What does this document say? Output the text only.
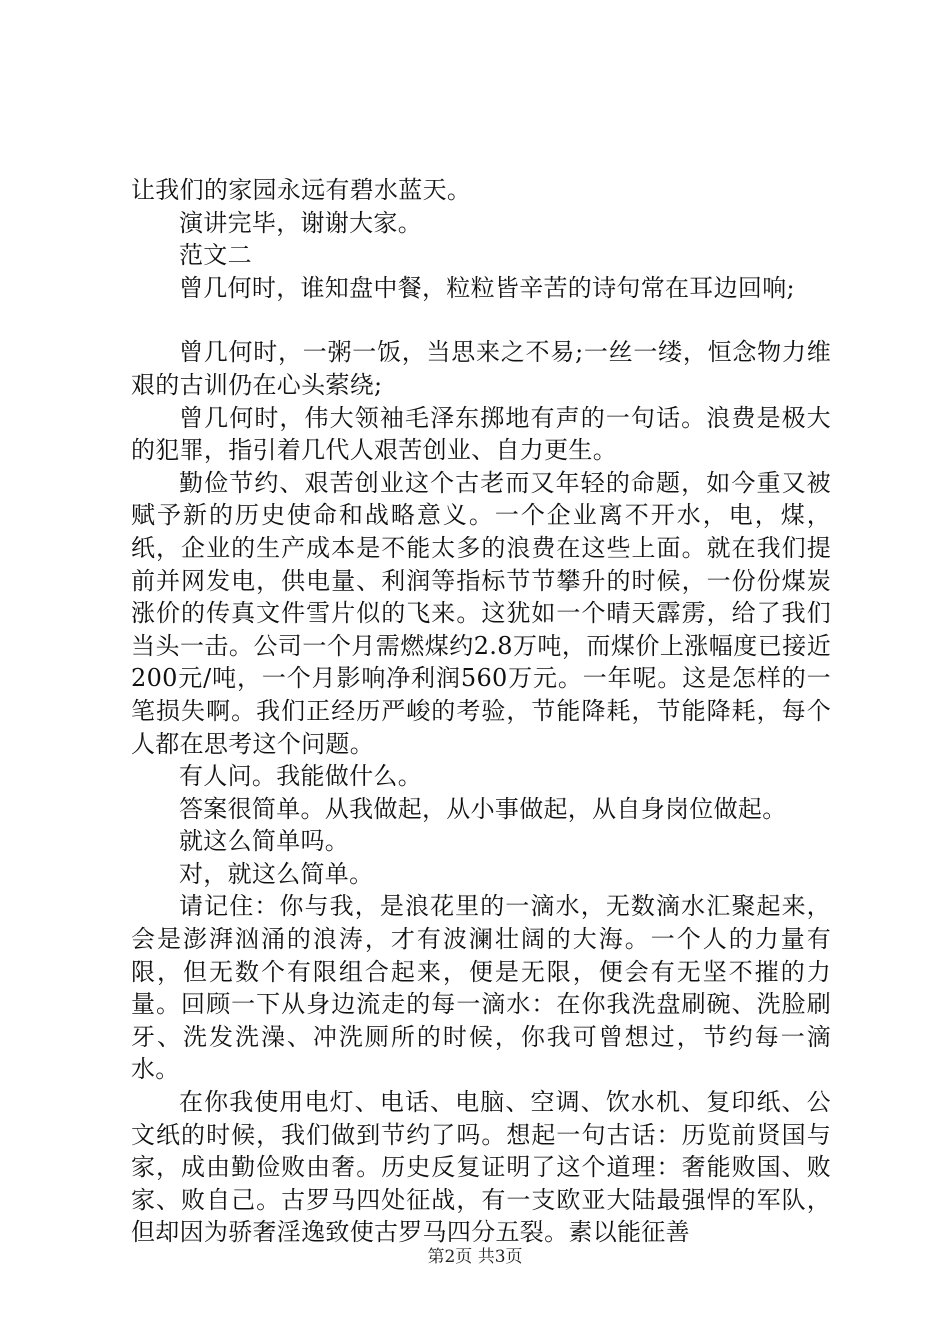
让我们的家园永远有碧水蓝天。

演讲完毕，谢谢大家。

范文二

曾几何时，谁知盘中餐，粒粒皆辛苦的诗句常在耳边回响;

曾几何时，一粥一饭，当思来之不易;一丝一缕，恒念物力维艰的古训仍在心头萦绕;

曾几何时，伟大领袖毛泽东掷地有声的一句话。浪费是极大的犯罪，指引着几代人艰苦创业、自力更生。

勤俭节约、艰苦创业这个古老而又年轻的命题，如今重又被赋予新的历史使命和战略意义。一个企业离不开水，电，煤，纸，企业的生产成本是不能太多的浪费在这些上面。就在我们提前并网发电，供电量、利润等指标节节攀升的时候，一份份煤炭涨价的传真文件雪片似的飞来。这犹如一个晴天霹雳，给了我们当头一击。公司一个月需燃煤约2.8万吨，而煤价上涨幅度已接近200元/吨，一个月影响净利润560万元。一年呢。这是怎样的一笔损失啊。我们正经历严峻的考验，节能降耗，节能降耗，每个人都在思考这个问题。

有人问。我能做什么。

答案很简单。从我做起，从小事做起，从自身岗位做起。

就这么简单吗。

对，就这么简单。

请记住：你与我，是浪花里的一滴水，无数滴水汇聚起来，会是澎湃汹涌的浪涛，才有波澜壮阔的大海。一个人的力量有限，但无数个有限组合起来，便是无限，便会有无坚不摧的力量。回顾一下从身边流走的每一滴水：在你我洗盘刷碗、洗脸刷牙、洗发洗澡、冲洗厕所的时候，你我可曾想过，节约每一滴水。

在你我使用电灯、电话、电脑、空调、饮水机、复印纸、公文纸的时候，我们做到节约了吗。想起一句古话：历览前贤国与家，成由勤俭败由奢。历史反复证明了这个道理：奢能败国、败家、败自己。古罗马四处征战，有一支欧亚大陆最强悍的军队，但却因为骄奢淫逸致使古罗马四分五裂。素以能征善

第2页 共3页
